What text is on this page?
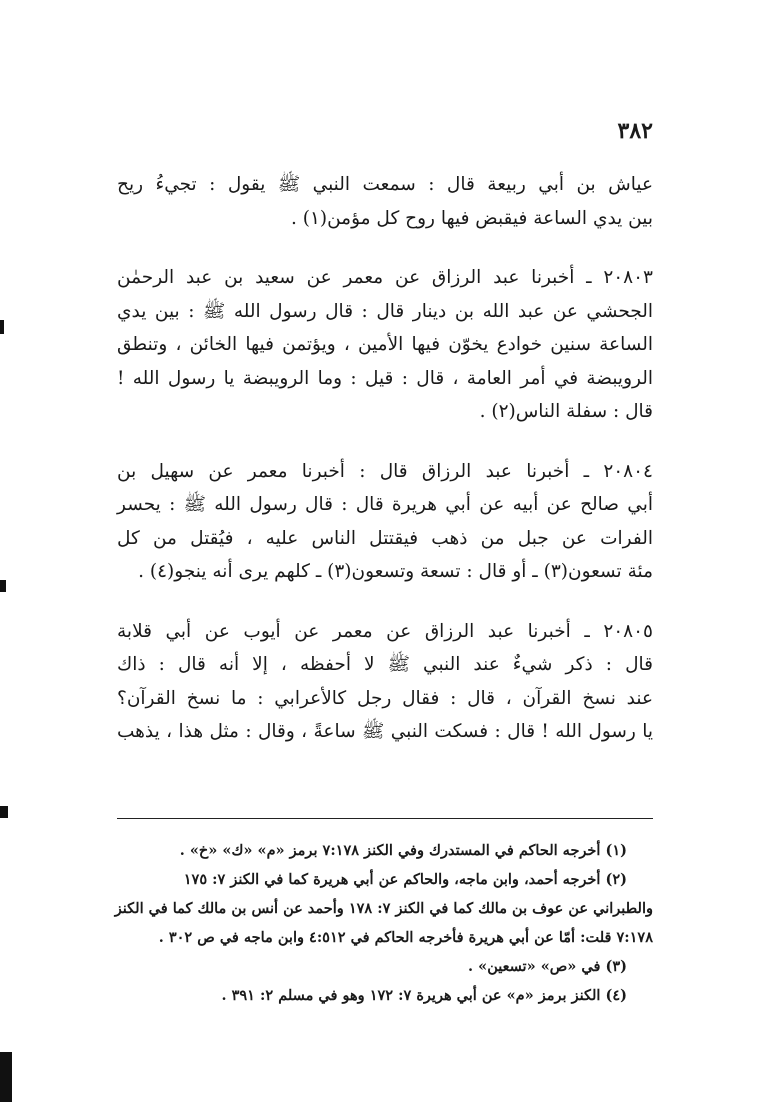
٣٨٢

عياش بن أبي ربيعة قال : سمعت النبي ﷺ يقول : تجيءُ ريح
بين يدي الساعة فيقبض فيها روح كل مؤمن(١) .

٢٠٨٠٣ ـ أخبرنا عبد الرزاق عن معمر عن سعيد بن عبد الرحمٰن
الجحشي عن عبد الله بن دينار قال : قال رسول الله ﷺ : بين يدي
الساعة سنين خوادع يخوّن فيها الأمين ، ويؤتمن فيها الخائن ، وتنطق
الرويبضة في أمر العامة ، قال : قيل : وما الرويبضة يا رسول الله !
قال : سفلة الناس(٢) .

٢٠٨٠٤ ـ أخبرنا عبد الرزاق قال : أخبرنا معمر عن سهيل بن
أبي صالح عن أبيه عن أبي هريرة قال : قال رسول الله ﷺ : يحسر
الفرات عن جبل من ذهب فيقتتل الناس عليه ، فيُقتل من كل
مئة تسعون(٣) ـ أو قال : تسعة وتسعون(٣) ـ كلهم يرى أنه ينجو(٤) .

٢٠٨٠٥ ـ أخبرنا عبد الرزاق عن معمر عن أيوب عن أبي قلابة
قال : ذكر شيءٌ عند النبي ﷺ لا أحفظه ، إلا أنه قال : ذاك
عند نسخ القرآن ، قال : فقال رجل كالأعرابي : ما نسخ القرآن؟
يا رسول الله ! قال : فسكت النبي ﷺ ساعةً ، وقال : مثل هذا ، يذهب

(١) أخرجه الحاكم في المستدرك وفي الكنز ٧:١٧٨ برمز «م» «ك» «خ» .
(٢) أخرجه أحمد، وابن ماجه، والحاكم عن أبي هريرة كما في الكنز ٧: ١٧٥
والطبراني عن عوف بن مالك كما في الكنز ٧: ١٧٨ وأحمد عن أنس بن مالك كما في الكنز
٧:١٧٨ قلت: أمّا عن أبي هريرة فأخرجه الحاكم في ٤:٥١٢ وابن ماجه في ص ٣٠٢ .
(٣) في «ص» «تسعين» .
(٤) الكنز برمز «م» عن أبي هريرة ٧: ١٧٢ وهو في مسلم ٢: ٣٩١ .
